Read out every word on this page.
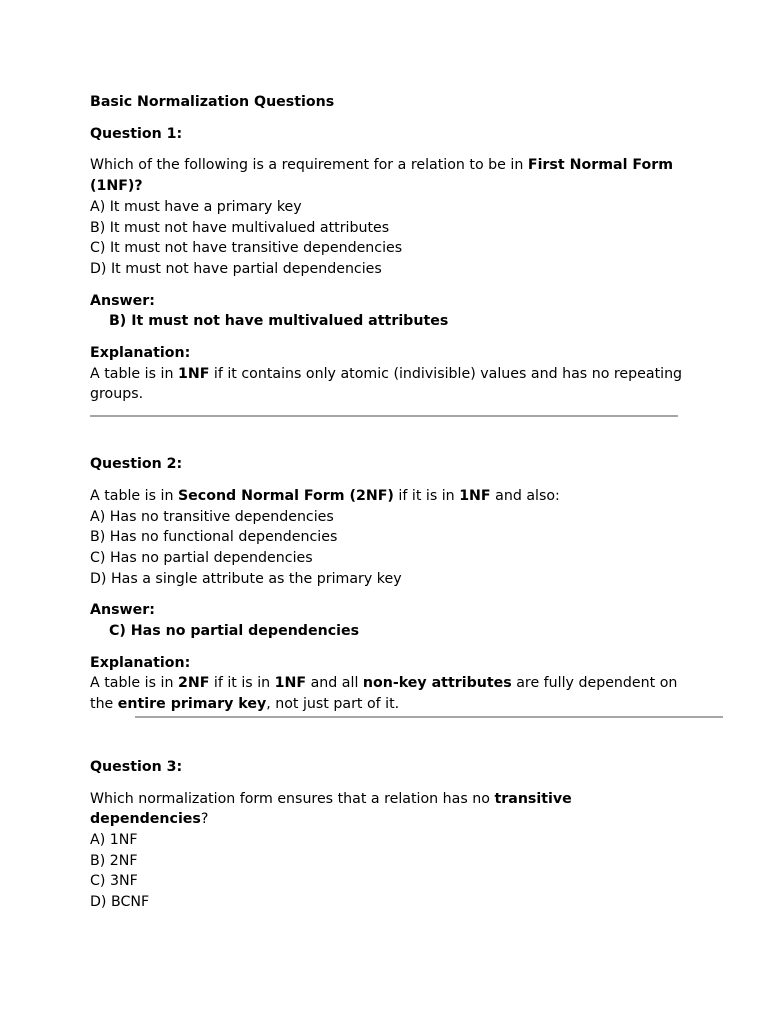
Basic Normalization Questions

Question 1:

Which of the following is a requirement for a relation to be in First Normal Form (1NF)?

A) It must have a primary key

B) It must not have multivalued attributes

C) It must not have transitive dependencies

D) It must not have partial dependencies

Answer:

B) It must not have multivalued attributes

Explanation:

A table is in 1NF if it contains only atomic (indivisible) values and has no repeating groups.

Question 2:

A table is in Second Normal Form (2NF) if it is in 1NF and also:

A) Has no transitive dependencies

B) Has no functional dependencies

C) Has no partial dependencies

D) Has a single attribute as the primary key

Answer:

C) Has no partial dependencies

Explanation:

A table is in 2NF if it is in 1NF and all non-key attributes are fully dependent on the entire primary key, not just part of it.

Question 3:

Which normalization form ensures that a relation has no transitive dependencies?

A) 1NF

B) 2NF

C) 3NF

D) BCNF
